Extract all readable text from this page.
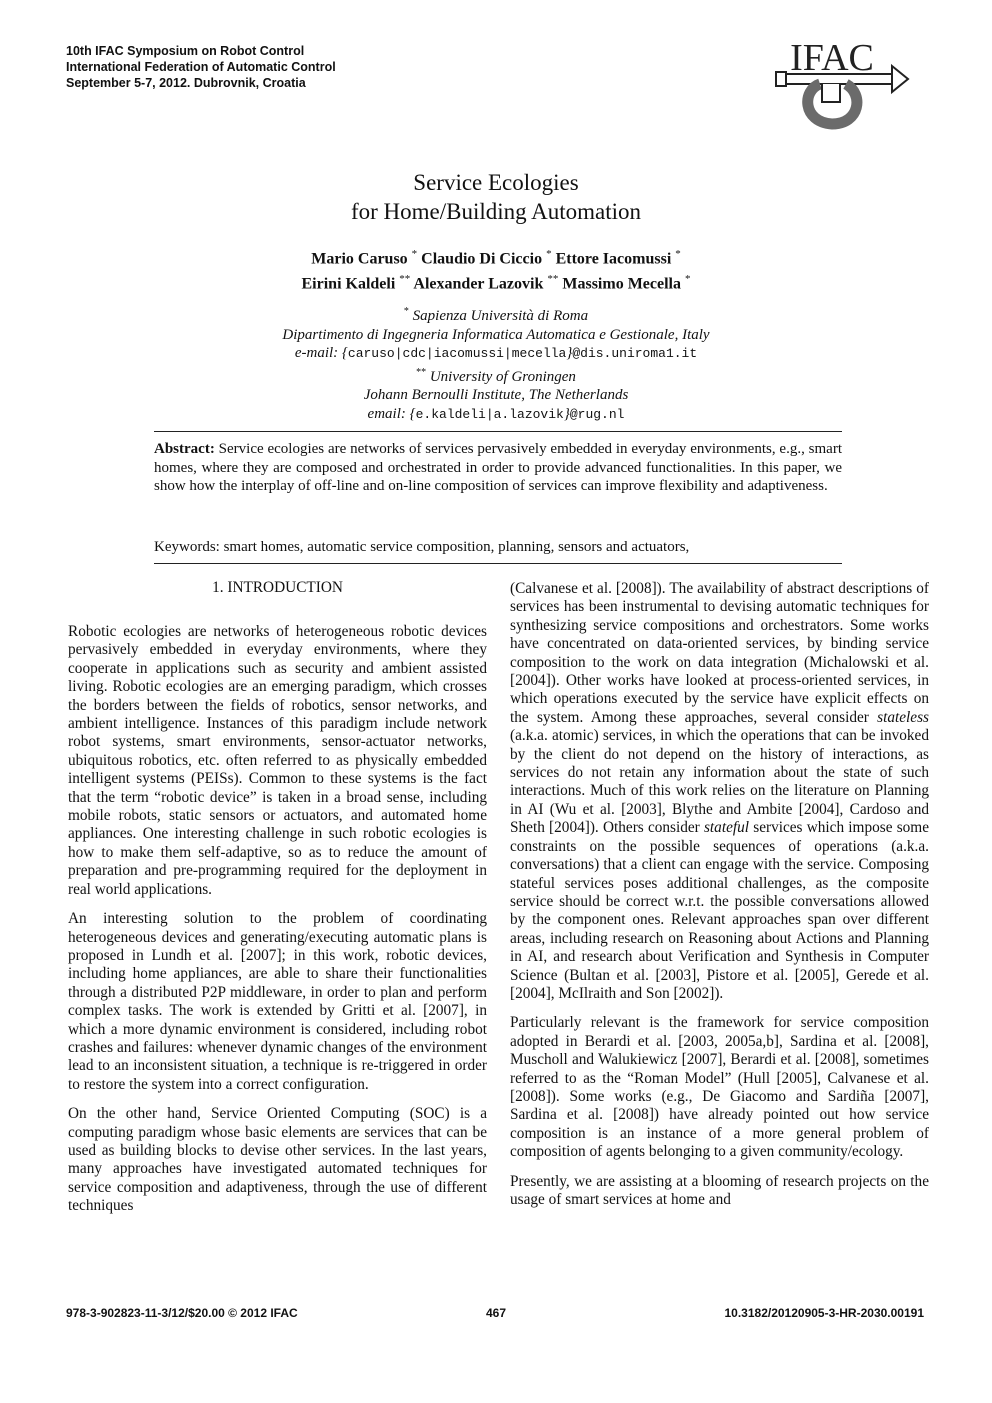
10th IFAC Symposium on Robot Control
International Federation of Automatic Control
September 5-7, 2012. Dubrovnik, Croatia
IFAC
Service Ecologies
for Home/Building Automation
Mario Caruso * Claudio Di Ciccio * Ettore Iacomussi *
Eirini Kaldeli ** Alexander Lazovik ** Massimo Mecella *
* Sapienza Università di Roma
Dipartimento di Ingegneria Informatica Automatica e Gestionale, Italy
e-mail: {caruso|cdc|iacomussi|mecella}@dis.uniroma1.it
** University of Groningen
Johann Bernoulli Institute, The Netherlands
email: {e.kaldeli|a.lazovik}@rug.nl
Abstract: Service ecologies are networks of services pervasively embedded in everyday environments, e.g., smart homes, where they are composed and orchestrated in order to provide advanced functionalities. In this paper, we show how the interplay of off-line and on-line composition of services can improve flexibility and adaptiveness.
Keywords: smart homes, automatic service composition, planning, sensors and actuators,
1. INTRODUCTION

Robotic ecologies are networks of heterogeneous robotic devices pervasively embedded in everyday environments, where they cooperate in applications such as security and ambient assisted living. Robotic ecologies are an emerging paradigm, which crosses the borders between the fields of robotics, sensor networks, and ambient intelligence. Instances of this paradigm include network robot systems, smart environments, sensor-actuator networks, ubiquitous robotics, etc. often referred to as physically embedded intelligent systems (PEISs). Common to these systems is the fact that the term “robotic device” is taken in a broad sense, including mobile robots, static sensors or actuators, and automated home appliances. One interesting challenge in such robotic ecologies is how to make them self-adaptive, so as to reduce the amount of preparation and pre-programming required for the deployment in real world applications.

An interesting solution to the problem of coordinating heterogeneous devices and generating/executing automatic plans is proposed in Lundh et al. [2007]; in this work, robotic devices, including home appliances, are able to share their functionalities through a distributed P2P middleware, in order to plan and perform complex tasks. The work is extended by Gritti et al. [2007], in which a more dynamic environment is considered, including robot crashes and failures: whenever dynamic changes of the environment lead to an inconsistent situation, a technique is re-triggered in order to restore the system into a correct configuration.

On the other hand, Service Oriented Computing (SOC) is a computing paradigm whose basic elements are services that can be used as building blocks to devise other services. In the last years, many approaches have investigated automated techniques for service composition and adaptiveness, through the use of different techniques

(Calvanese et al. [2008]). The availability of abstract descriptions of services has been instrumental to devising automatic techniques for synthesizing service compositions and orchestrators. Some works have concentrated on data-oriented services, by binding service composition to the work on data integration (Michalowski et al. [2004]). Other works have looked at process-oriented services, in which operations executed by the service have explicit effects on the system. Among these approaches, several consider stateless (a.k.a. atomic) services, in which the operations that can be invoked by the client do not depend on the history of interactions, as services do not retain any information about the state of such interactions. Much of this work relies on the literature on Planning in AI (Wu et al. [2003], Blythe and Ambite [2004], Cardoso and Sheth [2004]). Others consider stateful services which impose some constraints on the possible sequences of operations (a.k.a. conversations) that a client can engage with the service. Composing stateful services poses additional challenges, as the composite service should be correct w.r.t. the possible conversations allowed by the component ones. Relevant approaches span over different areas, including research on Reasoning about Actions and Planning in AI, and research about Verification and Synthesis in Computer Science (Bultan et al. [2003], Pistore et al. [2005], Gerede et al. [2004], McIlraith and Son [2002]).

Particularly relevant is the framework for service composition adopted in Berardi et al. [2003, 2005a,b], Sardina et al. [2008], Muscholl and Walukiewicz [2007], Berardi et al. [2008], sometimes referred to as the “Roman Model” (Hull [2005], Calvanese et al. [2008]). Some works (e.g., De Giacomo and Sardiña [2007], Sardina et al. [2008]) have already pointed out how service composition is an instance of a more general problem of composition of agents belonging to a given community/ecology.

Presently, we are assisting at a blooming of research projects on the usage of smart services at home and

978-3-902823-11-3/12/$20.00 © 2012 IFAC	467	10.3182/20120905-3-HR-2030.00191
